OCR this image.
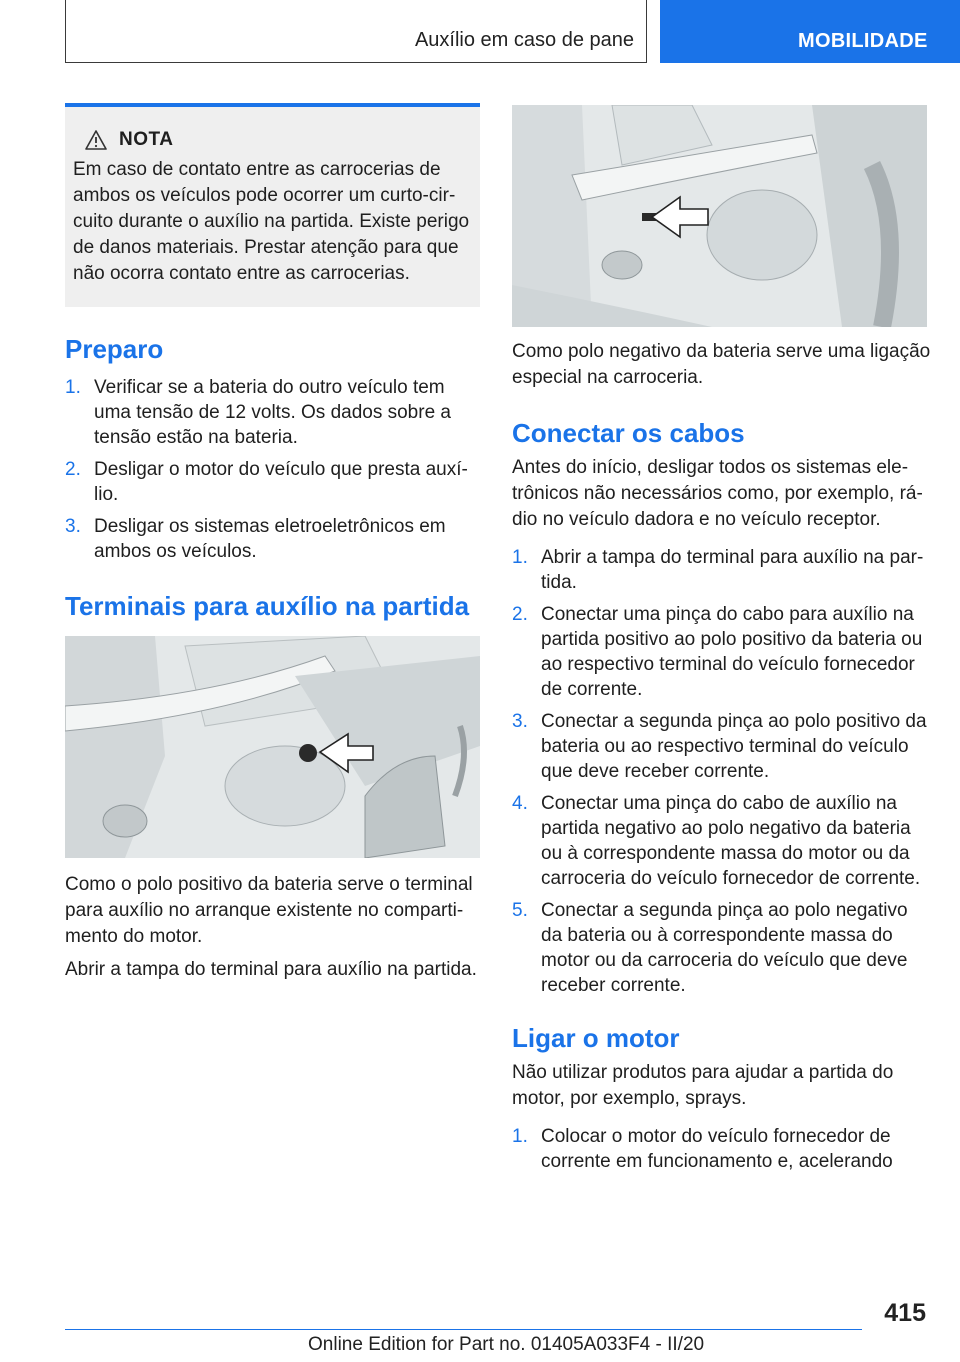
Auxílio em caso de pane	MOBILIDADE
NOTA

Em caso de contato entre as carrocerias de ambos os veículos pode ocorrer um curto-circuito durante o auxílio na partida. Existe perigo de danos materiais. Prestar atenção para que não ocorra contato entre as carrocerias.

Preparo
1. Verificar se a bateria do outro veículo tem uma tensão de 12 volts. Os dados sobre a tensão estão na bateria.
2. Desligar o motor do veículo que presta auxílio.
3. Desligar os sistemas eletroeletrônicos em ambos os veículos.
Terminais para auxílio na partida

Como o polo positivo da bateria serve o terminal para auxílio no arranque existente no compartimento do motor.

Abrir a tampa do terminal para auxílio na partida.

Como polo negativo da bateria serve uma ligação especial na carroceria.

Conectar os cabos

Antes do início, desligar todos os sistemas eletrônicos não necessários como, por exemplo, rádio no veículo dadora e no veículo receptor.

1. Abrir a tampa do terminal para auxílio na partida.
2. Conectar uma pinça do cabo para auxílio na partida positivo ao polo positivo da bateria ou ao respectivo terminal do veículo fornecedor de corrente.
3. Conectar a segunda pinça ao polo positivo da bateria ou ao respectivo terminal do veículo que deve receber corrente.
4. Conectar uma pinça do cabo de auxílio na partida negativo ao polo negativo da bateria ou à correspondente massa do motor ou da carroceria do veículo fornecedor de corrente.
5. Conectar a segunda pinça ao polo negativo da bateria ou à correspondente massa do motor ou da carroceria do veículo que deve receber corrente.
Ligar o motor

Não utilizar produtos para ajudar a partida do motor, por exemplo, sprays.

1. Colocar o motor do veículo fornecedor de corrente em funcionamento e, acelerando
415
Online Edition for Part no. 01405A033F4 - II/20
